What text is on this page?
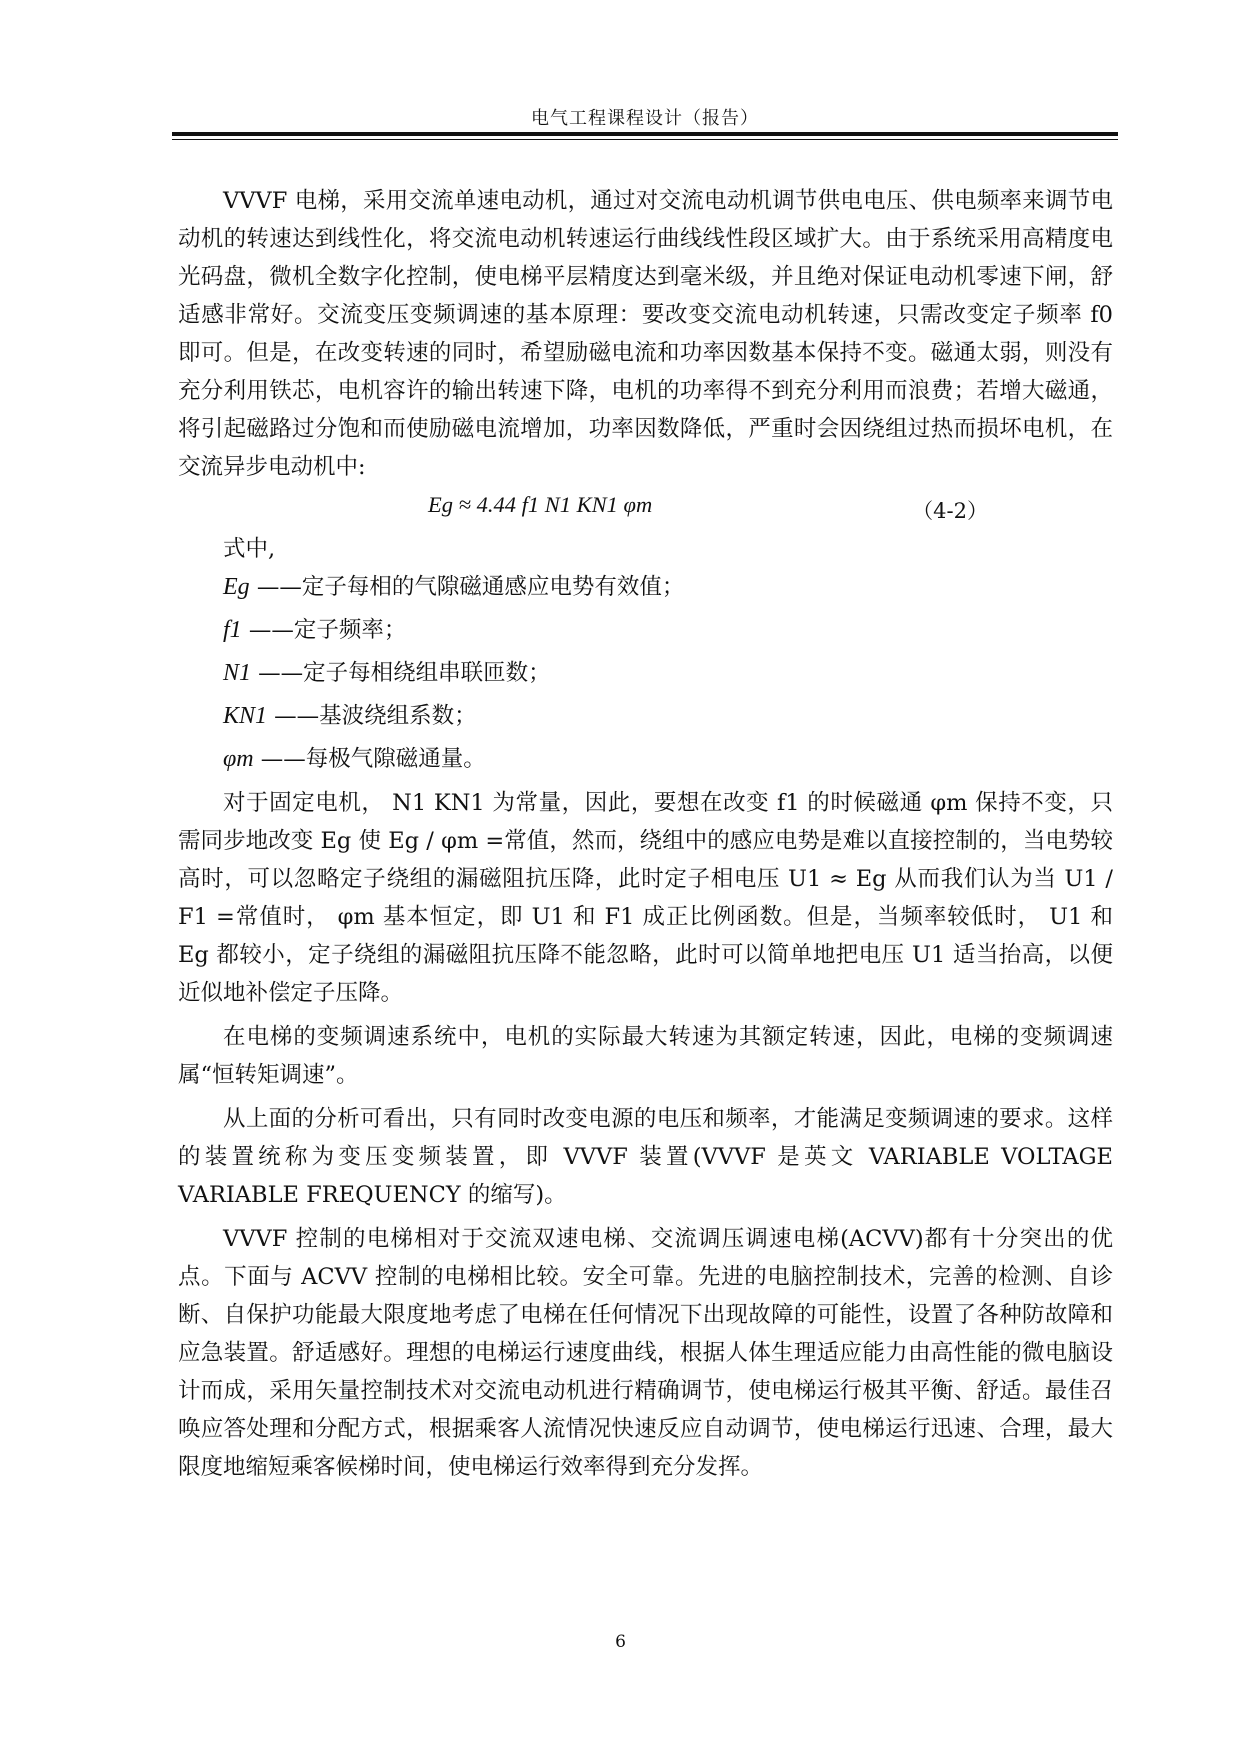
电气工程课程设计（报告）

VVVF 电梯，采用交流单速电动机，通过对交流电动机调节供电电压、供电频率来调节电动机的转速达到线性化，将交流电动机转速运行曲线线性段区域扩大。由于系统采用高精度电光码盘，微机全数字化控制，使电梯平层精度达到毫米级，并且绝对保证电动机零速下闸，舒适感非常好。交流变压变频调速的基本原理：要改变交流电动机转速，只需改变定子频率 f0 即可。但是，在改变转速的同时，希望励磁电流和功率因数基本保持不变。磁通太弱，则没有充分利用铁芯，电机容许的输出转速下降，电机的功率得不到充分利用而浪费；若增大磁通，将引起磁路过分饱和而使励磁电流增加，功率因数降低，严重时会因绕组过热而损坏电机，在交流异步电动机中:

Eg ≈ 4.44 f1 N1 KN1 φm	（4-2）

式中,

Eg ——定子每相的气隙磁通感应电势有效值；
f1 ——定子频率；
N1 ——定子每相绕组串联匝数；
KN1 ——基波绕组系数；
φm ——每极气隙磁通量。

对于固定电机， N1 KN1 为常量，因此，要想在改变 f1 的时候磁通 φm 保持不变，只需同步地改变 Eg 使 Eg / φm =常值，然而，绕组中的感应电势是难以直接控制的，当电势较高时，可以忽略定子绕组的漏磁阻抗压降，此时定子相电压 U1 ≈ Eg 从而我们认为当 U1 / F1 =常值时， φm 基本恒定，即 U1 和 F1 成正比例函数。但是，当频率较低时， U1 和 Eg 都较小，定子绕组的漏磁阻抗压降不能忽略，此时可以简单地把电压 U1 适当抬高，以便近似地补偿定子压降。

在电梯的变频调速系统中，电机的实际最大转速为其额定转速，因此，电梯的变频调速属“恒转矩调速”。

从上面的分析可看出，只有同时改变电源的电压和频率，才能满足变频调速的要求。这样的装置统称为变压变频装置，即 VVVF 装置(VVVF 是英文 VARIABLE VOLTAGE VARIABLE FREQUENCY 的缩写)。

VVVF 控制的电梯相对于交流双速电梯、交流调压调速电梯(ACVV)都有十分突出的优点。下面与 ACVV 控制的电梯相比较。安全可靠。先进的电脑控制技术，完善的检测、自诊断、自保护功能最大限度地考虑了电梯在任何情况下出现故障的可能性，设置了各种防故障和应急装置。舒适感好。理想的电梯运行速度曲线，根据人体生理适应能力由高性能的微电脑设计而成，采用矢量控制技术对交流电动机进行精确调节，使电梯运行极其平衡、舒适。最佳召唤应答处理和分配方式，根据乘客人流情况快速反应自动调节，使电梯运行迅速、合理，最大限度地缩短乘客候梯时间，使电梯运行效率得到充分发挥。

6
